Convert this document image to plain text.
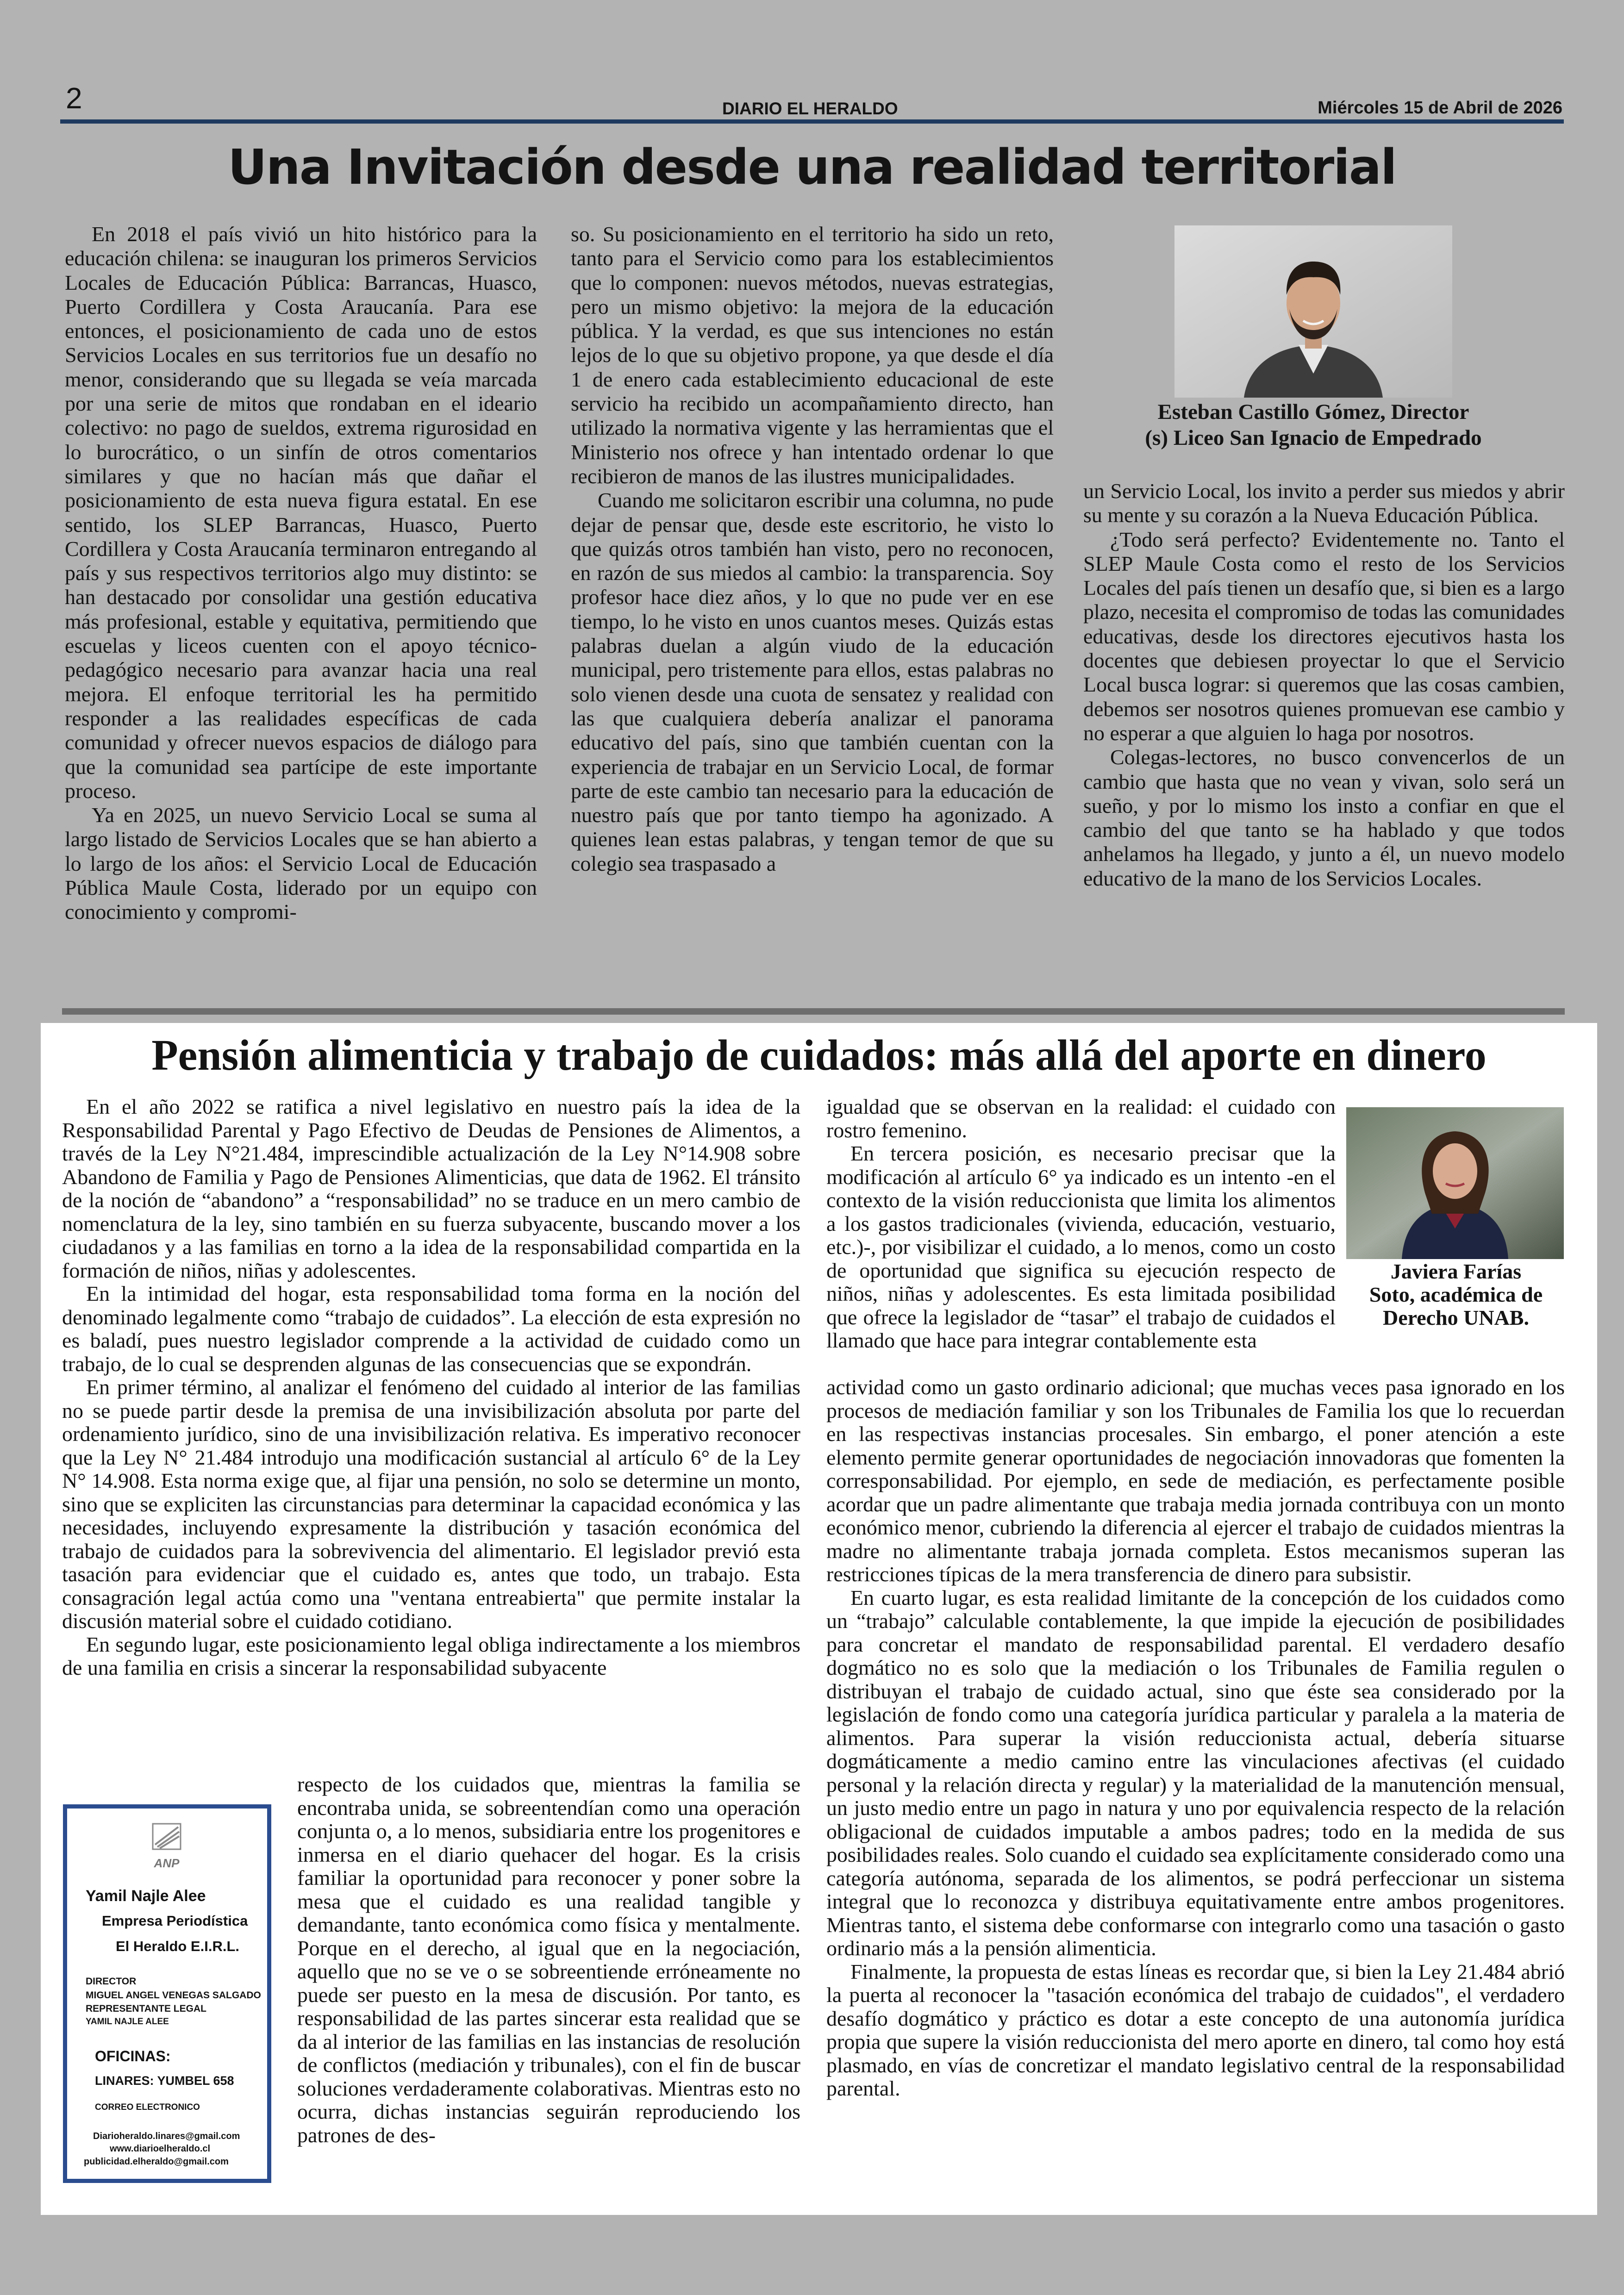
2	DIARIO EL HERALDO	Miércoles 15 de Abril de 2026
Una Invitación desde una realidad territorial

En 2018 el país vivió un hito histórico para la educación chilena: se inauguran los primeros Servicios Locales de Educación Pública: Barrancas, Huasco, Puerto Cordillera y Costa Araucanía. Para ese entonces, el posicionamiento de cada uno de estos Servicios Locales en sus territorios fue un desafío no menor, considerando que su llegada se veía marcada por una serie de mitos que rondaban en el ideario colectivo: no pago de sueldos, extrema rigurosidad en lo burocrático, o un sinfín de otros comentarios similares y que no hacían más que dañar el posicionamiento de esta nueva figura estatal. En ese sentido, los SLEP Barrancas, Huasco, Puerto Cordillera y Costa Araucanía terminaron entregando al país y sus respectivos territorios algo muy distinto: se han destacado por consolidar una gestión educativa más profesional, estable y equitativa, permitiendo que escuelas y liceos cuenten con el apoyo técnico-pedagógico necesario para avanzar hacia una real mejora. El enfoque territorial les ha permitido responder a las realidades específicas de cada comunidad y ofrecer nuevos espacios de diálogo para que la comunidad sea partícipe de este importante proceso.

Ya en 2025, un nuevo Servicio Local se suma al largo listado de Servicios Locales que se han abierto a lo largo de los años: el Servicio Local de Educación Pública Maule Costa, liderado por un equipo con conocimiento y compromi-

so. Su posicionamiento en el territorio ha sido un reto, tanto para el Servicio como para los establecimientos que lo componen: nuevos métodos, nuevas estrategias, pero un mismo objetivo: la mejora de la educación pública. Y la verdad, es que sus intenciones no están lejos de lo que su objetivo propone, ya que desde el día 1 de enero cada establecimiento educacional de este servicio ha recibido un acompañamiento directo, han utilizado la normativa vigente y las herramientas que el Ministerio nos ofrece y han intentado ordenar lo que recibieron de manos de las ilustres municipalidades.

Cuando me solicitaron escribir una columna, no pude dejar de pensar que, desde este escritorio, he visto lo que quizás otros también han visto, pero no reconocen, en razón de sus miedos al cambio: la transparencia. Soy profesor hace diez años, y lo que no pude ver en ese tiempo, lo he visto en unos cuantos meses. Quizás estas palabras duelan a algún viudo de la educación municipal, pero tristemente para ellos, estas palabras no solo vienen desde una cuota de sensatez y realidad con las que cualquiera debería analizar el panorama educativo del país, sino que también cuentan con la experiencia de trabajar en un Servicio Local, de formar parte de este cambio tan necesario para la educación de nuestro país que por tanto tiempo ha agonizado. A quienes lean estas palabras, y tengan temor de que su colegio sea traspasado a

Esteban Castillo Gómez, Director
(s) Liceo San Ignacio de Empedrado

un Servicio Local, los invito a perder sus miedos y abrir su mente y su corazón a la Nueva Educación Pública.

¿Todo será perfecto? Evidentemente no. Tanto el SLEP Maule Costa como el resto de los Servicios Locales del país tienen un desafío que, si bien es a largo plazo, necesita el compromiso de todas las comunidades educativas, desde los directores ejecutivos hasta los docentes que debiesen proyectar lo que el Servicio Local busca lograr: si queremos que las cosas cambien, debemos ser nosotros quienes promuevan ese cambio y no esperar a que alguien lo haga por nosotros.

Colegas-lectores, no busco convencerlos de un cambio que hasta que no vean y vivan, solo será un sueño, y por lo mismo los insto a confiar en que el cambio del que tanto se ha hablado y que todos anhelamos ha llegado, y junto a él, un nuevo modelo educativo de la mano de los Servicios Locales.

Pensión alimenticia y trabajo de cuidados: más allá del aporte en dinero

En el año 2022 se ratifica a nivel legislativo en nuestro país la idea de la Responsabilidad Parental y Pago Efectivo de Deudas de Pensiones de Alimentos, a través de la Ley N°21.484, imprescindible actualización de la Ley N°14.908 sobre Abandono de Familia y Pago de Pensiones Alimenticias, que data de 1962. El tránsito de la noción de “abandono” a “responsabilidad” no se traduce en un mero cambio de nomenclatura de la ley, sino también en su fuerza subyacente, buscando mover a los ciudadanos y a las familias en torno a la idea de la responsabilidad compartida en la formación de niños, niñas y adolescentes.

En la intimidad del hogar, esta responsabilidad toma forma en la noción del denominado legalmente como “trabajo de cuidados”. La elección de esta expresión no es baladí, pues nuestro legislador comprende a la actividad de cuidado como un trabajo, de lo cual se desprenden algunas de las consecuencias que se expondrán.

En primer término, al analizar el fenómeno del cuidado al interior de las familias no se puede partir desde la premisa de una invisibilización absoluta por parte del ordenamiento jurídico, sino de una invisibilización relativa. Es imperativo reconocer que la Ley N° 21.484 introdujo una modificación sustancial al artículo 6° de la Ley N° 14.908. Esta norma exige que, al fijar una pensión, no solo se determine un monto, sino que se expliciten las circunstancias para determinar la capacidad económica y las necesidades, incluyendo expresamente la distribución y tasación económica del trabajo de cuidados para la sobrevivencia del alimentario. El legislador previó esta tasación para evidenciar que el cuidado es, antes que todo, un trabajo. Esta consagración legal actúa como una "ventana entreabierta" que permite instalar la discusión material sobre el cuidado cotidiano.

En segundo lugar, este posicionamiento legal obliga indirectamente a los miembros de una familia en crisis a sincerar la responsabilidad subyacente

respecto de los cuidados que, mientras la familia se encontraba unida, se sobreentendían como una operación conjunta o, a lo menos, subsidiaria entre los progenitores e inmersa en el diario quehacer del hogar. Es la crisis familiar la oportunidad para reconocer y poner sobre la mesa que el cuidado es una realidad tangible y demandante, tanto económica como física y mentalmente. Porque en el derecho, al igual que en la negociación, aquello que no se ve o se sobreentiende erróneamente no puede ser puesto en la mesa de discusión. Por tanto, es responsabilidad de las partes sincerar esta realidad que se da al interior de las familias en las instancias de resolución de conflictos (mediación y tribunales), con el fin de buscar soluciones verdaderamente colaborativas. Mientras esto no ocurra, dichas instancias seguirán reproduciendo los patrones de des-

ANP
Yamil Najle Alee
Empresa Periodística
El Heraldo E.I.R.L.
DIRECTOR
MIGUEL ANGEL VENEGAS SALGADO
REPRESENTANTE LEGAL
YAMIL NAJLE ALEE
OFICINAS:
LINARES: YUMBEL 658
CORREO ELECTRONICO
Diarioheraldo.linares@gmail.com
www.diarioelheraldo.cl
publicidad.elheraldo@gmail.com

igualdad que se observan en la realidad: el cuidado con rostro femenino.

En tercera posición, es necesario precisar que la modificación al artículo 6° ya indicado es un intento -en el contexto de la visión reduccionista que limita los alimentos a los gastos tradicionales (vivienda, educación, vestuario, etc.)-, por visibilizar el cuidado, a lo menos, como un costo de oportunidad que significa su ejecución respecto de niños, niñas y adolescentes. Es esta limitada posibilidad que ofrece la legislador de “tasar” el trabajo de cuidados el llamado que hace para integrar contablemente esta

Javiera Farías
Soto, académica de
Derecho UNAB.

actividad como un gasto ordinario adicional; que muchas veces pasa ignorado en los procesos de mediación familiar y son los Tribunales de Familia los que lo recuerdan en las respectivas instancias procesales. Sin embargo, el poner atención a este elemento permite generar oportunidades de negociación innovadoras que fomenten la corresponsabilidad. Por ejemplo, en sede de mediación, es perfectamente posible acordar que un padre alimentante que trabaja media jornada contribuya con un monto económico menor, cubriendo la diferencia al ejercer el trabajo de cuidados mientras la madre no alimentante trabaja jornada completa. Estos mecanismos superan las restricciones típicas de la mera transferencia de dinero para subsistir.

En cuarto lugar, es esta realidad limitante de la concepción de los cuidados como un “trabajo” calculable contablemente, la que impide la ejecución de posibilidades para concretar el mandato de responsabilidad parental. El verdadero desafío dogmático no es solo que la mediación o los Tribunales de Familia regulen o distribuyan el trabajo de cuidado actual, sino que éste sea considerado por la legislación de fondo como una categoría jurídica particular y paralela a la materia de alimentos. Para superar la visión reduccionista actual, debería situarse dogmáticamente a medio camino entre las vinculaciones afectivas (el cuidado personal y la relación directa y regular) y la materialidad de la manutención mensual, un justo medio entre un pago in natura y uno por equivalencia respecto de la relación obligacional de cuidados imputable a ambos padres; todo en la medida de sus posibilidades reales. Solo cuando el cuidado sea explícitamente considerado como una categoría autónoma, separada de los alimentos, se podrá perfeccionar un sistema integral que lo reconozca y distribuya equitativamente entre ambos progenitores. Mientras tanto, el sistema debe conformarse con integrarlo como una tasación o gasto ordinario más a la pensión alimenticia.

Finalmente, la propuesta de estas líneas es recordar que, si bien la Ley 21.484 abrió la puerta al reconocer la "tasación económica del trabajo de cuidados", el verdadero desafío dogmático y práctico es dotar a este concepto de una autonomía jurídica propia que supere la visión reduccionista del mero aporte en dinero, tal como hoy está plasmado, en vías de concretizar el mandato legislativo central de la responsabilidad parental.
